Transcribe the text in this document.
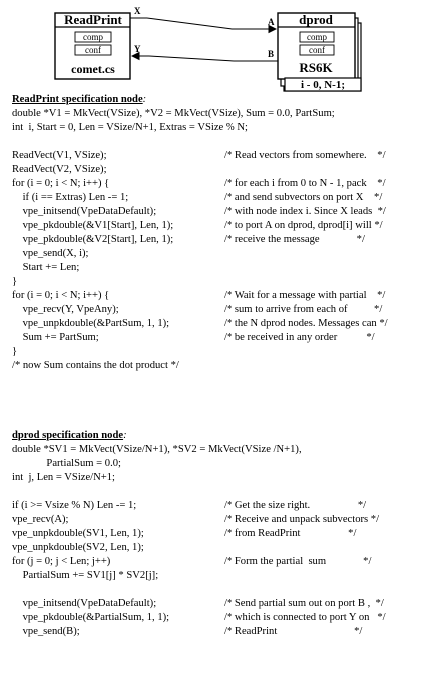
ReadPrint
comp
conf
comet.cs
dprod
comp
conf
RS6K
i - 0, N-1;
X
Y
A
B
ReadPrint specification node:
double *V1 = MkVect(VSize), *V2 = MkVect(VSize), Sum = 0.0, PartSum;
int  i, Start = 0, Len = VSize/N+1, Extras = VSize % N;
ReadVect(V1, VSize);	/* Read vectors from somewhere.    */
ReadVect(V2, VSize);
for (i = 0; i < N; i++) {	/* for each i from 0 to N - 1, pack    */
if (i == Extras) Len -= 1;	/* and send subvectors on port X    */
vpe_initsend(VpeDataDefault);	/* with node index i. Since X leads  */
vpe_pkdouble(&V1[Start], Len, 1);	/* to port A on dprod, dprod[i] will */
vpe_pkdouble(&V2[Start], Len, 1);	/* receive the message              */
vpe_send(X, i);
Start += Len;
}
for (i = 0; i < N; i++) {	/* Wait for a message with partial    */
vpe_recv(Y, VpeAny);	/* sum to arrive from each of          */
vpe_unpkdouble(&PartSum, 1, 1);	/* the N dprod nodes. Messages can */
Sum += PartSum;	/* be received in any order           */
}
/* now Sum contains the dot product */
dprod specification node:
double *SV1 = MkVect(VSize/N+1), *SV2 = MkVect(VSize /N+1),
PartialSum = 0.0;
int  j, Len = VSize/N+1;
if (i >= Vsize % N) Len -= 1;	/* Get the size right.                  */
vpe_recv(A);	/* Receive and unpack subvectors */
vpe_unpkdouble(SV1, Len, 1);	/* from ReadPrint                  */
vpe_unpkdouble(SV2, Len, 1);
for (j = 0; j < Len; j++)	/* Form the partial  sum              */
PartialSum += SV1[j] * SV2[j];
vpe_initsend(VpeDataDefault);	/* Send partial sum out on port B ,  */
vpe_pkdouble(&PartialSum, 1, 1);	/* which is connected to port Y on   */
vpe_send(B);	/* ReadPrint                             */
